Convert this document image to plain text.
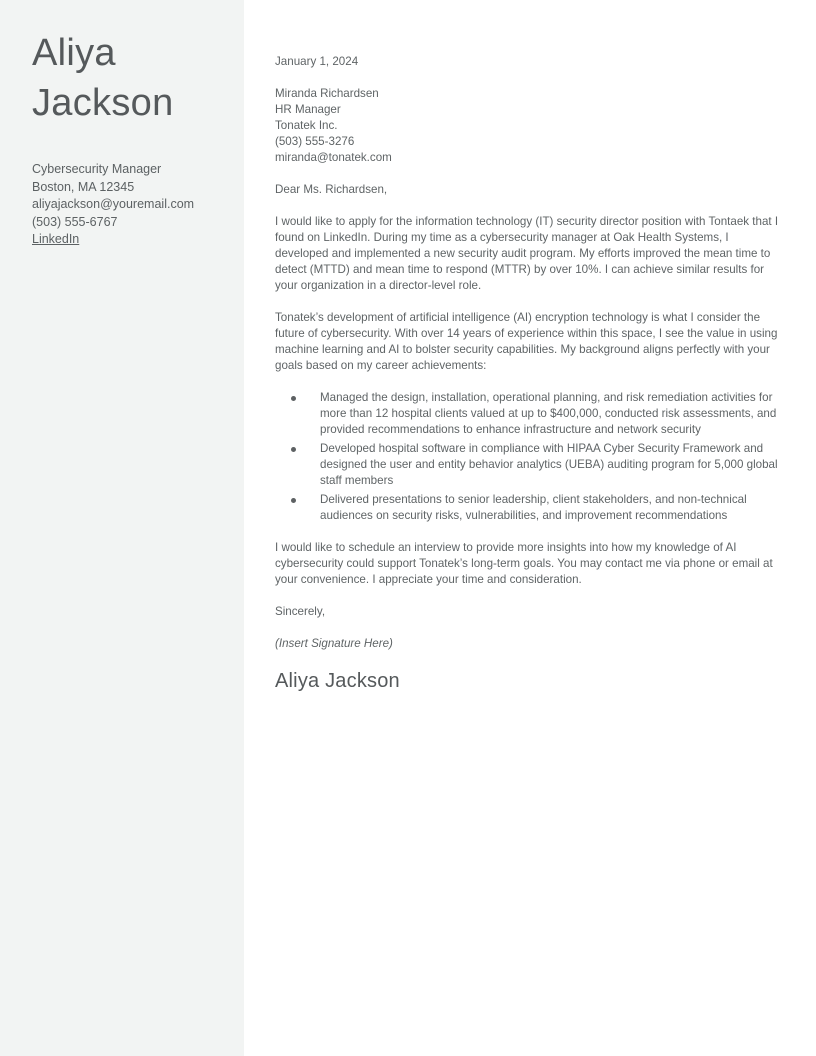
Aliya
Jackson
Cybersecurity Manager
Boston, MA 12345
aliyajackson@youremail.com
(503) 555-6767
LinkedIn
January 1, 2024
Miranda Richardsen
HR Manager
Tonatek Inc.
(503) 555-3276
miranda@tonatek.com
Dear Ms. Richardsen,

I would like to apply for the information technology (IT) security director position with Tontaek that I found on LinkedIn. During my time as a cybersecurity manager at Oak Health Systems, I developed and implemented a new security audit program. My efforts improved the mean time to detect (MTTD) and mean time to respond (MTTR) by over 10%. I can achieve similar results for your organization in a director-level role.

Tonatek’s development of artificial intelligence (AI) encryption technology is what I consider the future of cybersecurity. With over 14 years of experience within this space, I see the value in using machine learning and AI to bolster security capabilities. My background aligns perfectly with your goals based on my career achievements:

Managed the design, installation, operational planning, and risk remediation activities for more than 12 hospital clients valued at up to $400,000, conducted risk assessments, and provided recommendations to enhance infrastructure and network security
Developed hospital software in compliance with HIPAA Cyber Security Framework and designed the user and entity behavior analytics (UEBA) auditing program for 5,000 global staff members
Delivered presentations to senior leadership, client stakeholders, and non-technical audiences on security risks, vulnerabilities, and improvement recommendations

I would like to schedule an interview to provide more insights into how my knowledge of AI cybersecurity could support Tonatek’s long-term goals. You may contact me via phone or email at your convenience. I appreciate your time and consideration.

Sincerely,
(Insert Signature Here)
Aliya Jackson
